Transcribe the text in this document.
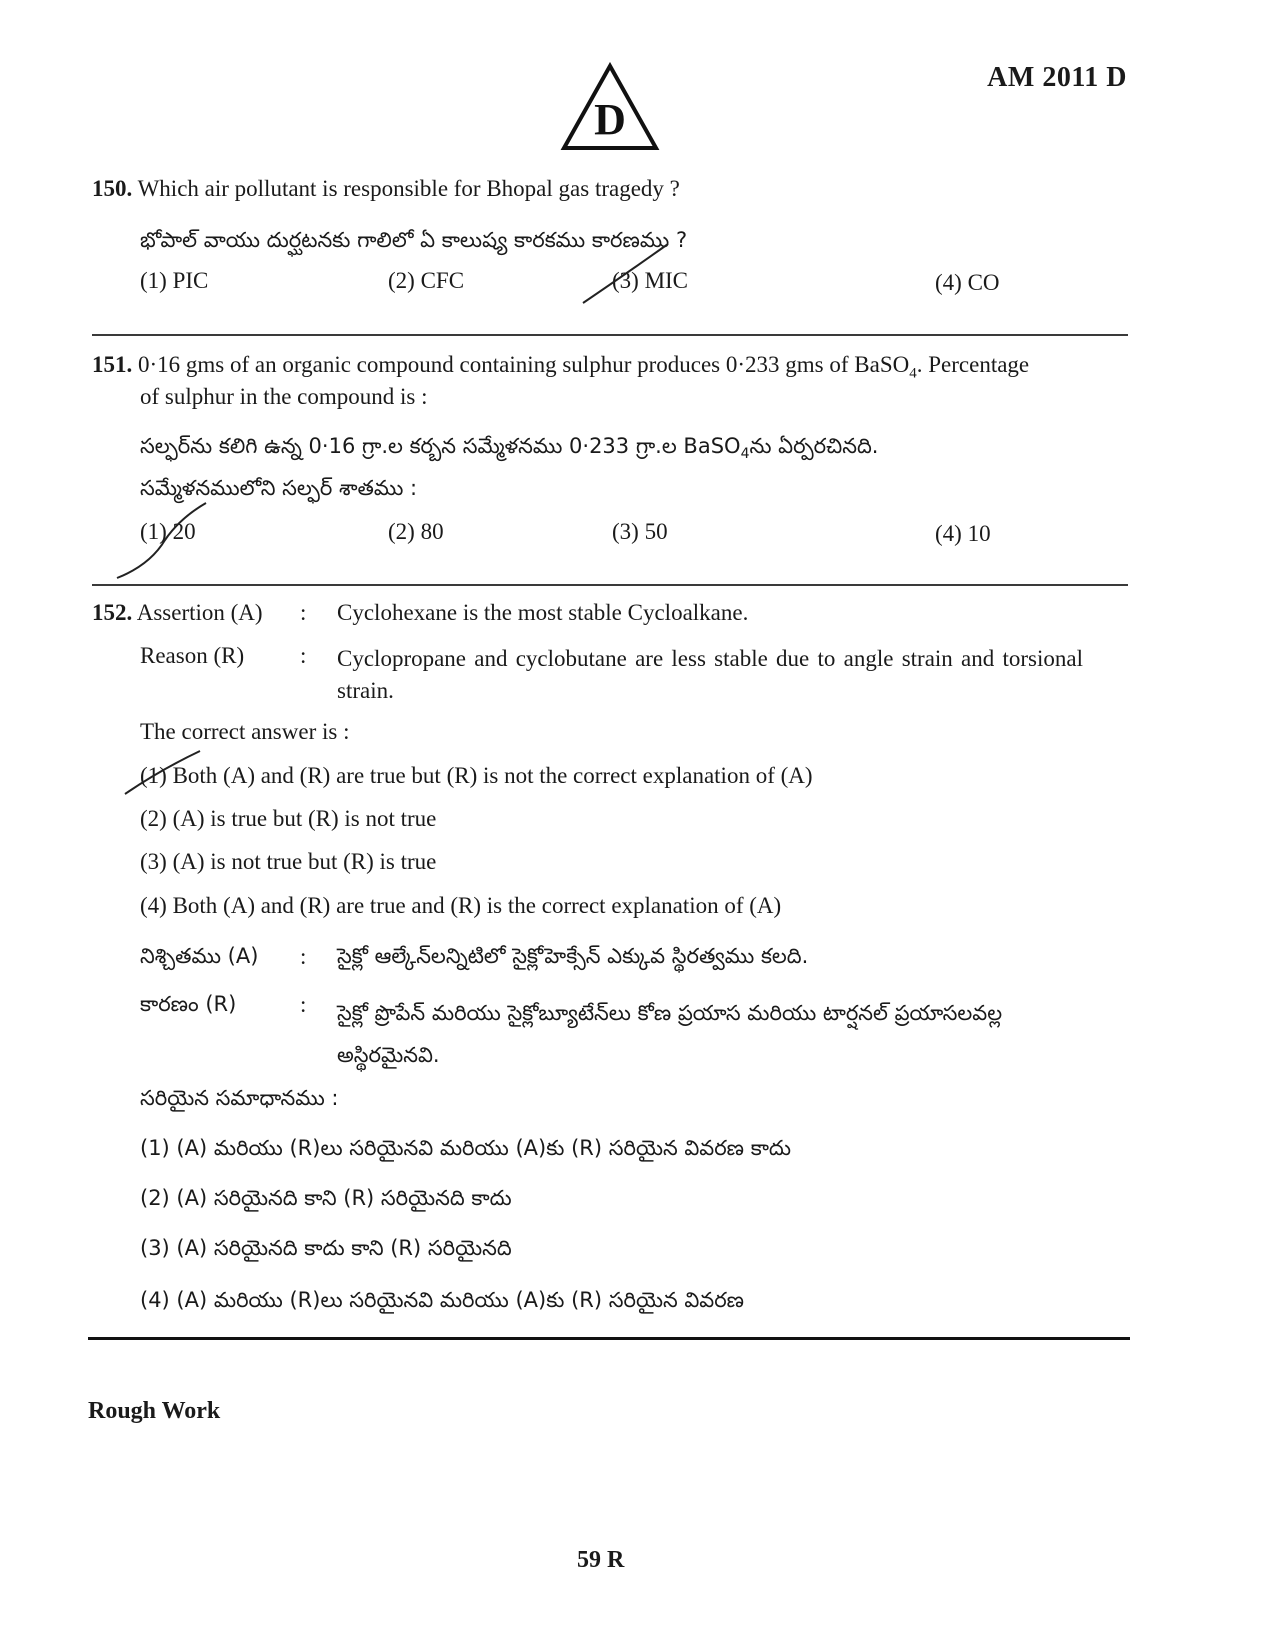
D
AM 2011 D
150. Which air pollutant is responsible for Bhopal gas tragedy ?
భోపాల్ వాయు దుర్ఘటనకు గాలిలో ఏ కాలుష్య కారకము కారణము ?
(1) PIC	(2) CFC	(3) MIC	(4) CO
151. 0·16 gms of an organic compound containing sulphur produces 0·233 gms of BaSO$_4$. Percentage
of sulphur in the compound is :
సల్ఫర్‌ను కలిగి ఉన్న 0·16 గ్రా.ల కర్బన సమ్మేళనము 0·233 గ్రా.ల BaSO$_4$ను ఏర్పరచినది.
సమ్మేళనములోని సల్ఫర్ శాతము :
(1) 20	(2) 80	(3) 50	(4) 10
152. Assertion (A) : Cyclohexane is the most stable Cycloalkane.
Reason (R) : Cyclopropane and cyclobutane are less stable due to angle strain and torsional strain.
The correct answer is :
(1) Both (A) and (R) are true but (R) is not the correct explanation of (A)
(2) (A) is true but (R) is not true
(3) (A) is not true but (R) is true
(4) Both (A) and (R) are true and (R) is the correct explanation of (A)
నిశ్చితము (A) : సైక్లో ఆల్కేన్‌లన్నిటిలో సైక్లోహెక్సేన్ ఎక్కువ స్థిరత్వము కలది.
కారణం (R)	: సైక్లో ప్రొపేన్ మరియు సైక్లోబ్యూటేన్‌లు కోణ ప్రయాస మరియు టార్షనల్ ప్రయాసలవల్ల అస్థిరమైనవి.
సరియైన సమాధానము :
(1) (A) మరియు (R)లు సరియైనవి మరియు (A)కు (R) సరియైన వివరణ కాదు
(2) (A) సరియైనది కాని (R) సరియైనది కాదు
(3) (A) సరియైనది కాదు కాని (R) సరియైనది
(4) (A) మరియు (R)లు సరియైనవి మరియు (A)కు (R) సరియైన వివరణ
Rough Work
59 R
